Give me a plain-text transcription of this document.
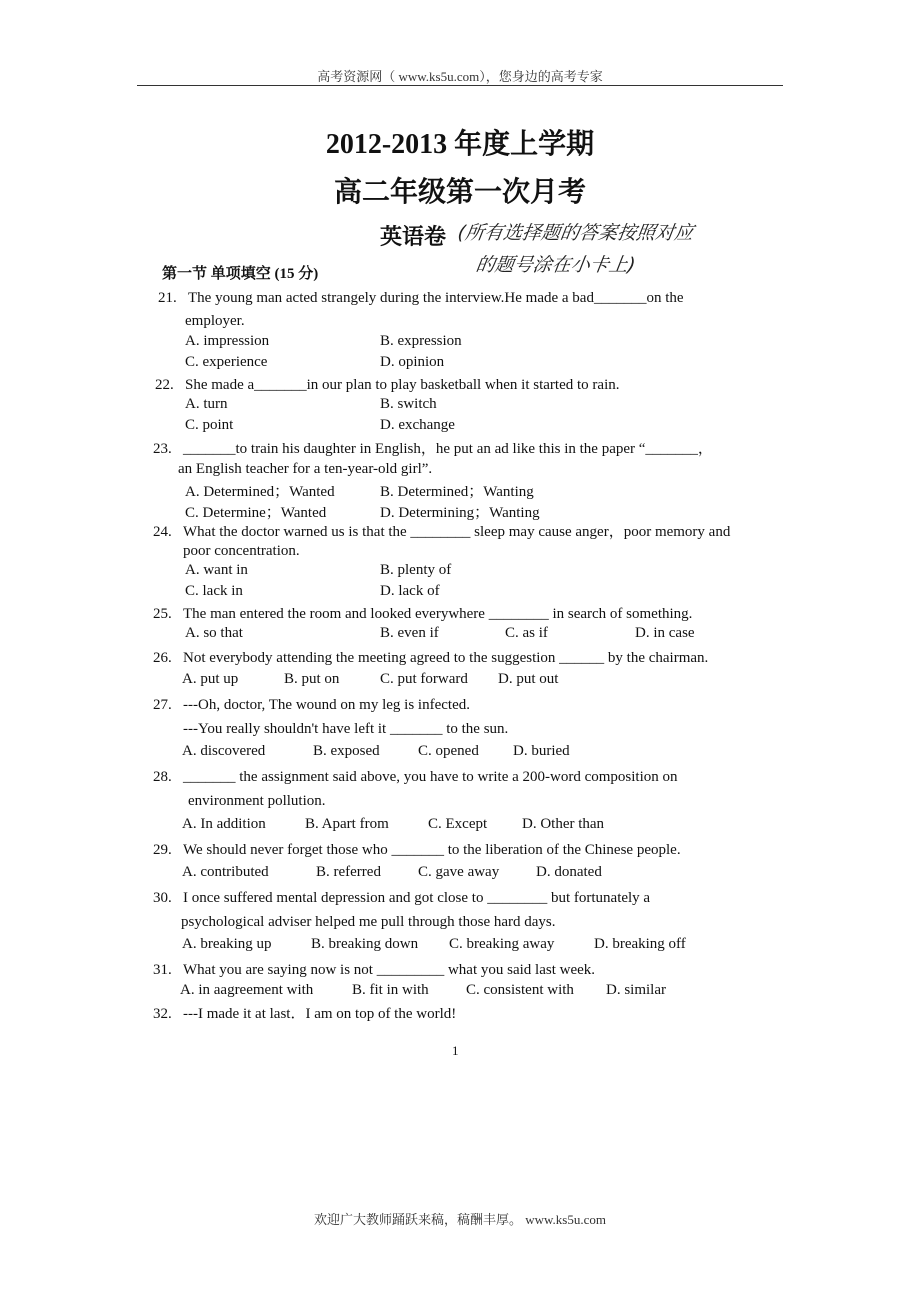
高考资源网（ www.ks5u.com），您身边的高考专家
2012-2013 年度上学期
高二年级第一次月考
英语卷 (所有选择题的答案按照对应
的题号涂在小卡上)
第一节 单项填空 (15 分)
21. The young man acted strangely during the interview.He made a bad_______on the
employer.
A. impression	B. expression
C. experience	D. opinion
22. She made a_______in our plan to play basketball when it started to rain.
A. turn	B. switch
C. point	D. exchange
23. _______to train his daughter in English，he put an ad like this in the paper “_______，
an English teacher for a ten-year-old girl”.
A. Determined；Wanted	B. Determined；Wanting
C. Determine；Wanted	D. Determining；Wanting
24. What the doctor warned us is that the ________ sleep may cause anger，poor memory and
poor concentration.
A. want in	B. plenty of
C. lack in	D. lack of
25. The man entered the room and looked everywhere ________ in search of something.
A. so that	B. even if	C. as if	D. in case
26. Not everybody attending the meeting agreed to the suggestion ______ by the chairman.
A. put up	B. put on	C. put forward D. put out
27. ---Oh, doctor, The wound on my leg is infected.
---You really shouldn't have left it _______ to the sun.
A. discovered	B. exposed	C. opened D. buried
28. _______ the assignment said above, you have to write a 200-word composition on
environment pollution.
A. In addition	B. Apart from	C. Except D. Other than
29. We should never forget those who _______ to the liberation of the Chinese people.
A. contributed	B. referred C. gave away D. donated
30. I once suffered mental depression and got close to ________ but fortunately a
psychological adviser helped me pull through those hard days.
A. breaking up	B. breaking down C. breaking away	D. breaking off
31. What you are saying now is not _________ what you said last week.
A. in aagreement with	B. fit in with C. consistent with D. similar
32. ---I made it at last．I am on top of the world!
1
欢迎广大教师踊跃来稿，稿酬丰厚。 www.ks5u.com
